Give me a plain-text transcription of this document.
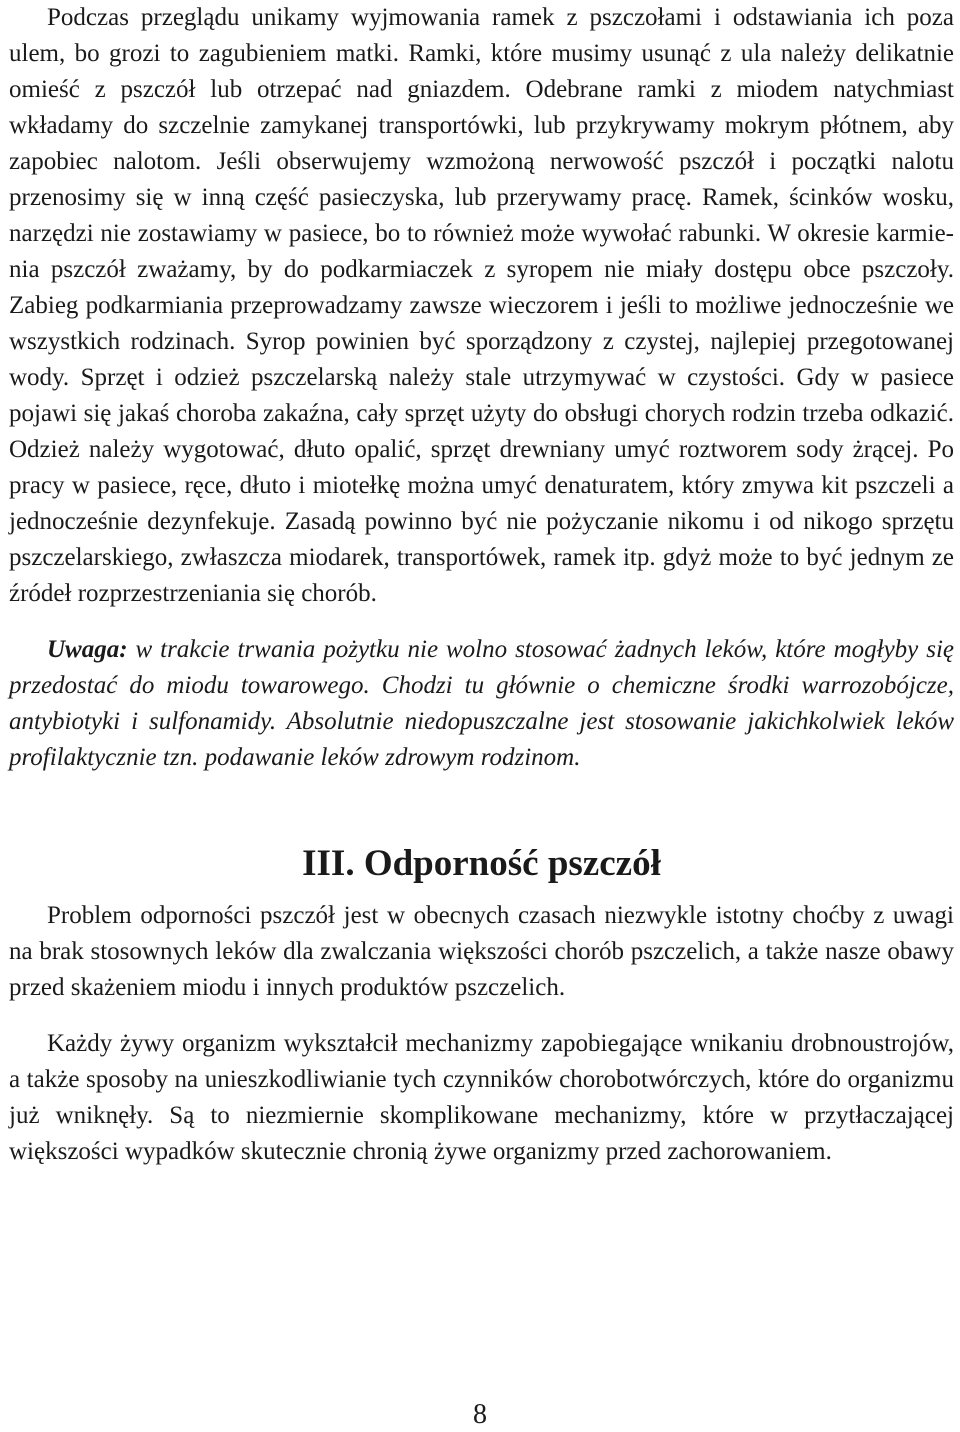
Podczas przeglądu unikamy wyjmowania ramek z pszczołami i odstawiania ich poza ulem, bo grozi to zagubieniem matki. Ramki, które musimy usunąć z ula należy delikatnie omieść z pszczół lub otrzepać nad gniazdem. Odebrane ramki z miodem natychmiast wkładamy do szczelnie zamykanej transportówki, lub przykrywamy mokrym płótnem, aby zapobiec nalotom. Jeśli obserwujemy wzmożoną nerwowość pszczół i początki nalotu przenosimy się w inną część pasieczyska, lub przerywamy pracę. Ramek, ścinków wosku, narzędzi nie zostawiamy w pasiece, bo to również może wywołać rabunki. W okresie karmienia pszczół zważamy, by do podkarmiaczek z syropem nie miały dostępu obce pszczoły. Zabieg podkarmiania przeprowadzamy zawsze wieczorem i jeśli to możliwe jednocześnie we wszystkich rodzinach. Syrop powinien być sporządzony z czystej, najlepiej przegotowanej wody. Sprzęt i odzież pszczelarską należy stale utrzymywać w czystości. Gdy w pasiece pojawi się jakaś choroba zakaźna, cały sprzęt użyty do obsługi chorych rodzin trzeba odkazić. Odzież należy wygotować, dłuto opalić, sprzęt drewniany umyć roztworem sody żrącej. Po pracy w pasiece, ręce, dłuto i miotełkę można umyć denaturatem, który zmywa kit pszczeli a jednocześnie dezynfekuje. Zasadą powinno być nie pożyczanie nikomu i od nikogo sprzętu pszczelarskiego, zwłaszcza miodarek, transportówek, ramek itp. gdyż może to być jednym ze źródeł rozprzestrzeniania się chorób.

Uwaga: w trakcie trwania pożytku nie wolno stosować żadnych leków, które mogłyby się przedostać do miodu towarowego. Chodzi tu głównie o chemiczne środki warrozobójcze, antybiotyki i sulfonamidy. Absolutnie niedopuszczalne jest stosowanie jakichkolwiek leków profilaktycznie tzn. podawanie leków zdrowym rodzinom.

III. Odporność pszczół

Problem odporności pszczół jest w obecnych czasach niezwykle istotny choćby z uwagi na brak stosownych leków dla zwalczania większości chorób pszczelich, a także nasze obawy przed skażeniem miodu i innych produktów pszczelich.

Każdy żywy organizm wykształcił mechanizmy zapobiegające wnikaniu drobnoustrojów, a także sposoby na unieszkodliwianie tych czynników chorobotwórczych, które do organizmu już wniknęły. Są to niezmiernie skomplikowane mechanizmy, które w przytłaczającej większości wypadków skutecznie chronią żywe organizmy przed zachorowaniem.

8
